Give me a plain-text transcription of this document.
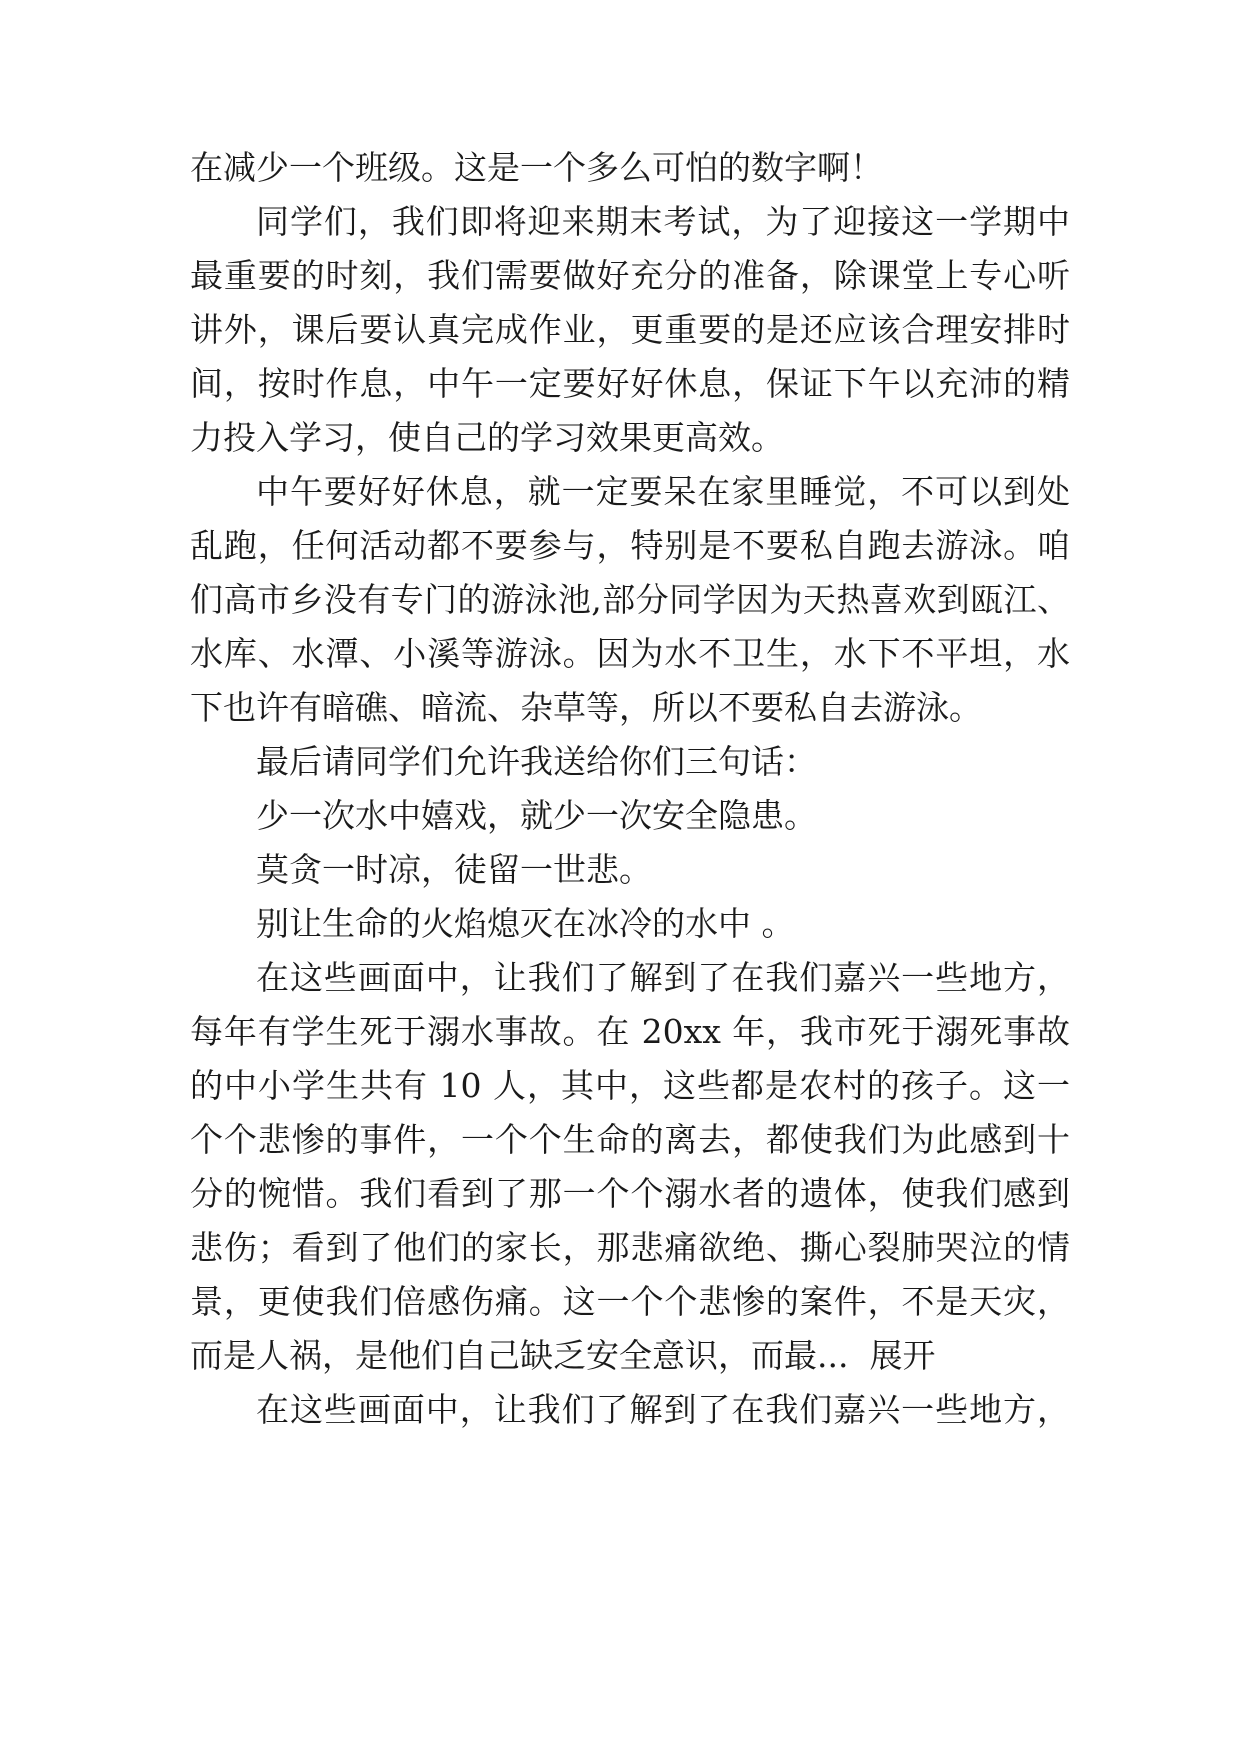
在减少一个班级。这是一个多么可怕的数字啊！
同学们，我们即将迎来期末考试，为了迎接这一学期中
最重要的时刻，我们需要做好充分的准备，除课堂上专心听
讲外，课后要认真完成作业，更重要的是还应该合理安排时
间，按时作息，中午一定要好好休息，保证下午以充沛的精
力投入学习，使自己的学习效果更高效。
中午要好好休息，就一定要呆在家里睡觉，不可以到处
乱跑，任何活动都不要参与，特别是不要私自跑去游泳。咱
们高市乡没有专门的游泳池,部分同学因为天热喜欢到瓯江、
水库、水潭、小溪等游泳。因为水不卫生，水下不平坦，水
下也许有暗礁、暗流、杂草等，所以不要私自去游泳。
最后请同学们允许我送给你们三句话：
少一次水中嬉戏，就少一次安全隐患。
莫贪一时凉，徒留一世悲。
别让生命的火焰熄灭在冰冷的水中 。
在这些画面中，让我们了解到了在我们嘉兴一些地方，
每年有学生死于溺水事故。在 20xx 年，我市死于溺死事故
的中小学生共有 10 人，其中，这些都是农村的孩子。这一
个个悲惨的事件，一个个生命的离去，都使我们为此感到十
分的惋惜。我们看到了那一个个溺水者的遗体，使我们感到
悲伤；看到了他们的家长，那悲痛欲绝、撕心裂肺哭泣的情
景，更使我们倍感伤痛。这一个个悲惨的案件，不是天灾，
而是人祸，是他们自己缺乏安全意识，而最... 展开
在这些画面中，让我们了解到了在我们嘉兴一些地方，
